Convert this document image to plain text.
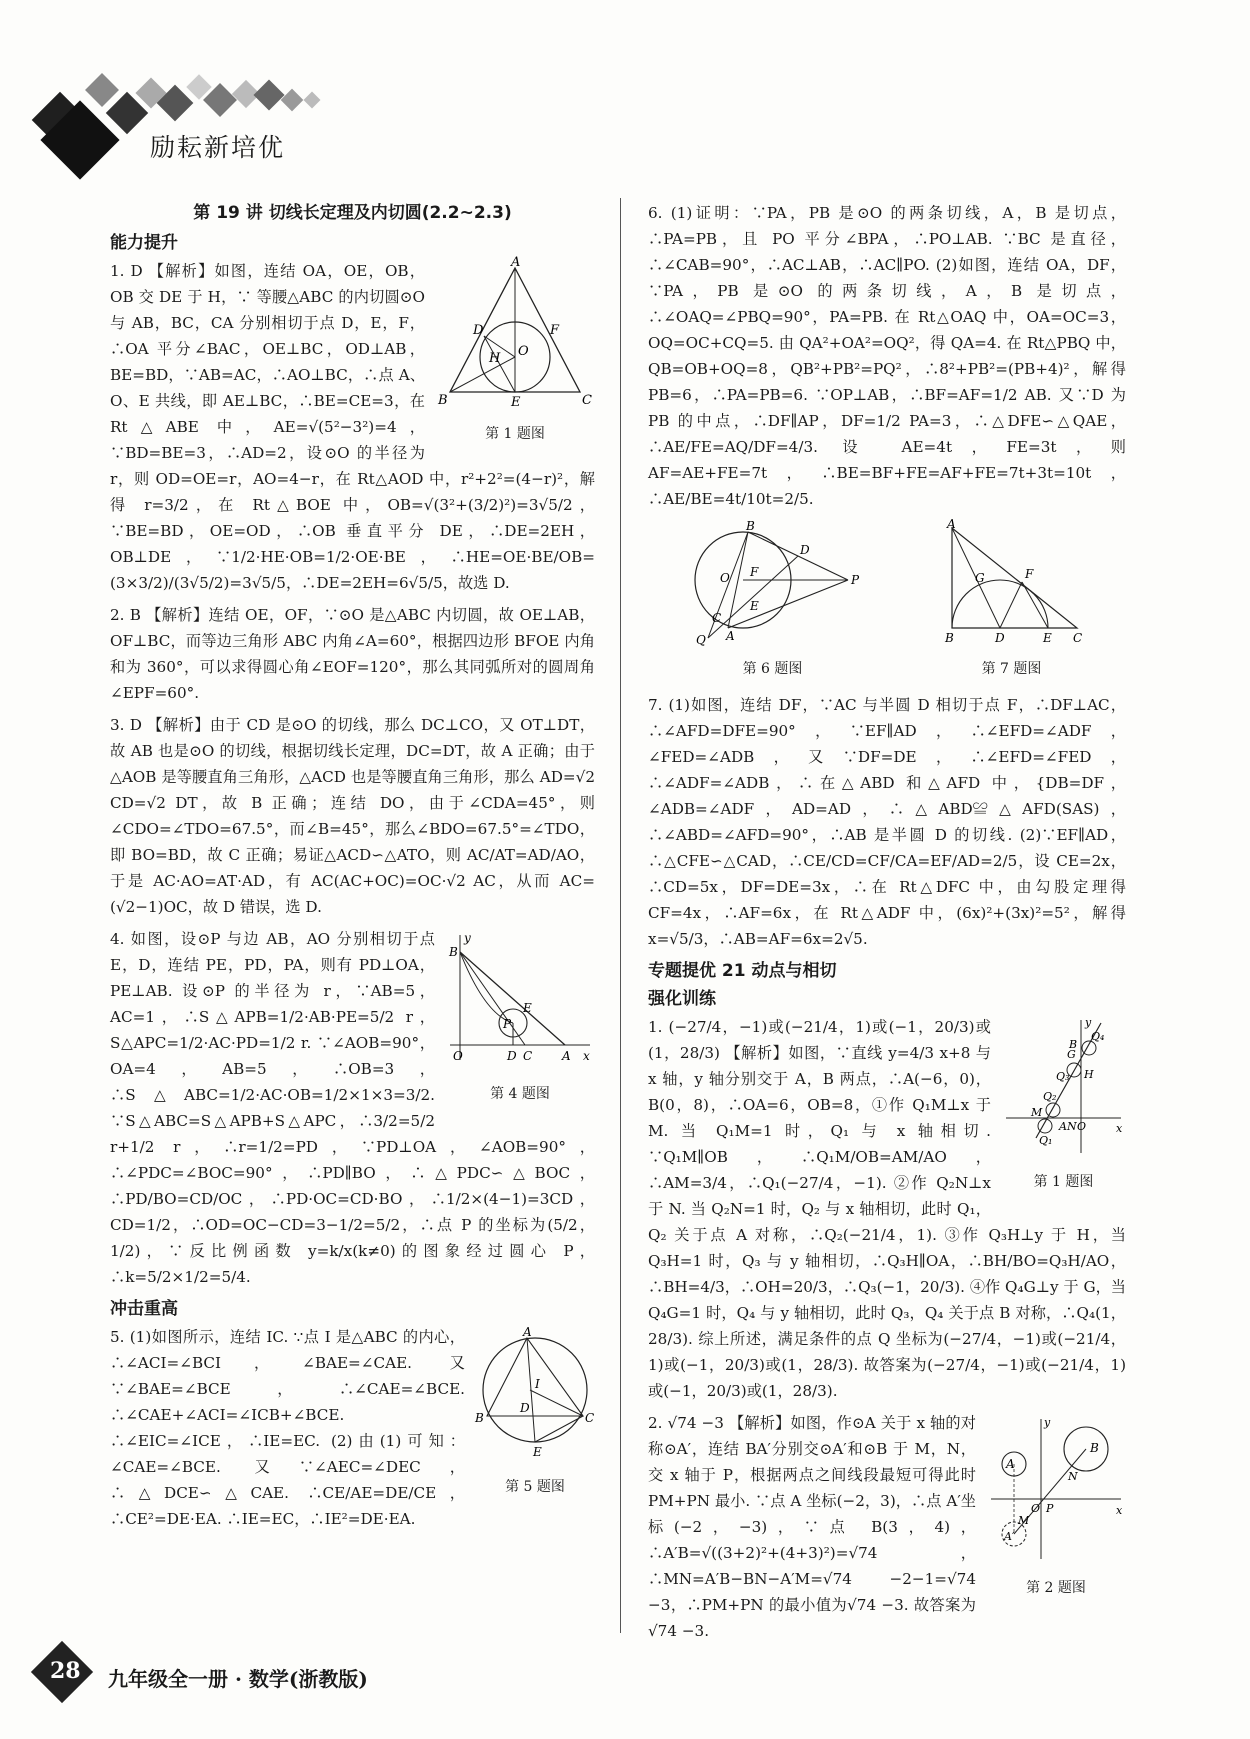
励耘新培优
第 19 讲 切线长定理及内切圆(2.2~2.3)
能力提升
A
B	C
D	F
E
O
H
第 1 题图

1. D 【解析】如图，连结 OA，OE，OB，OB 交 DE 于 H，∵ 等腰△ABC 的内切圆⊙O 与 AB，BC，CA 分别相切于点 D，E，F，∴OA 平分∠BAC，OE⊥BC，OD⊥AB，BE=BD，∵AB=AC，∴AO⊥BC，∴点 A、O、E 共线，即 AE⊥BC，∴BE=CE=3，在 Rt△ABE 中，AE=√(5²−3²)=4，∵BD=BE=3，∴AD=2，设⊙O 的半径为 r，则 OD=OE=r，AO=4−r，在 Rt△AOD 中，r²+2²=(4−r)²，解得 r=3/2，在 Rt△BOE 中，OB=√(3²+(3/2)²)=3√5/2，∵BE=BD，OE=OD，∴OB 垂直平分 DE，∴DE=2EH，OB⊥DE，∵1/2·HE·OB=1/2·OE·BE，∴HE=OE·BE/OB=(3×3/2)/(3√5/2)=3√5/5，∴DE=2EH=6√5/5，故选 D.

2. B 【解析】连结 OE，OF，∵⊙O 是△ABC 内切圆，故 OE⊥AB，OF⊥BC，而等边三角形 ABC 内角∠A=60°，根据四边形 BFOE 内角和为 360°，可以求得圆心角∠EOF=120°，那么其同弧所对的圆周角∠EPF=60°.

3. D 【解析】由于 CD 是⊙O 的切线，那么 DC⊥CO，又 OT⊥DT，故 AB 也是⊙O 的切线，根据切线长定理，DC=DT，故 A 正确；由于△AOB 是等腰直角三角形，△ACD 也是等腰直角三角形，那么 AD=√2 CD=√2 DT，故 B 正确；连结 DO，由于∠CDA=45°，则∠CDO=∠TDO=67.5°，而∠B=45°，那么∠BDO=67.5°=∠TDO，即 BO=BD，故 C 正确；易证△ACD∽△ATO，则 AC/AT=AD/AO，于是 AC·AO=AT·AD，有 AC(AC+OC)=OC·√2 AC，从而 AC=(√2−1)OC，故 D 错误，选 D.

B
y
O	D C A x
P
E
第 4 题图

4. 如图，设⊙P 与边 AB，AO 分别相切于点 E，D，连结 PE，PD，PA，则有 PD⊥OA，PE⊥AB. 设⊙P 的半径为 r，∵AB=5，AC=1，∴S△APB=1/2·AB·PE=5/2 r，S△APC=1/2·AC·PD=1/2 r. ∵∠AOB=90°，OA=4，AB=5，∴OB=3，∴S△ABC=1/2·AC·OB=1/2×1×3=3/2. ∵S△ABC=S△APB+S△APC，∴3/2=5/2 r+1/2 r，∴r=1/2=PD，∵PD⊥OA，∠AOB=90°，∴∠PDC=∠BOC=90°，∴PD∥BO，∴△PDC∽△BOC，∴PD/BO=CD/OC，∴PD·OC=CD·BO，∴1/2×(4−1)=3CD，CD=1/2，∴OD=OC−CD=3−1/2=5/2，∴点 P 的坐标为(5/2，1/2)，∵反比例函数 y=k/x(k≠0)的图象经过圆心 P，∴k=5/2×1/2=5/4.

冲击重高
A
B	C
D
E
I
第 5 题图

5. (1)如图所示，连结 IC. ∵点 I 是△ABC 的内心，∴∠ACI=∠BCI，∠BAE=∠CAE. 又∵∠BAE=∠BCE，∴∠CAE=∠BCE. ∴∠CAE+∠ACI=∠ICB+∠BCE. ∴∠EIC=∠ICE，∴IE=EC. (2)由(1)可知：∠CAE=∠BCE. 又∵∠AEC=∠DEC，∴△DCE∽△CAE. ∴CE/AE=DE/CE，∴CE²=DE·EA. ∴IE=EC，∴IE²=DE·EA.

6. (1)证明：∵PA，PB 是⊙O 的两条切线，A，B 是切点，∴PA=PB，且 PO 平分∠BPA，∴PO⊥AB. ∵BC 是直径，∴∠CAB=90°，∴AC⊥AB，∴AC∥PO. (2)如图，连结 OA，DF，∵PA，PB 是⊙O 的两条切线，A，B 是切点，∴∠OAQ=∠PBQ=90°，PA=PB. 在 Rt△OAQ 中，OA=OC=3，OQ=OC+CQ=5. 由 QA²+OA²=OQ²，得 QA=4. 在 Rt△PBQ 中，QB=OB+OQ=8，QB²+PB²=PQ²，∴8²+PB²=(PB+4)²，解得 PB=6，∴PA=PB=6. ∵OP⊥AB，∴BF=AF=1/2 AB. 又∵D 为 PB 的中点，∴DF∥AP，DF=1/2 PA=3，∴△DFE∽△QAE，∴AE/FE=AQ/DF=4/3. 设 AE=4t，FE=3t，则 AF=AE+FE=7t，∴BE=BF+FE=AF+FE=7t+3t=10t，∴AE/BE=4t/10t=2/5.

B
O	P
D
F
E
A
C
Q
第 6 题图
A
B	D	E C
F
G
第 7 题图

7. (1)如图，连结 DF，∵AC 与半圆 D 相切于点 F，∴DF⊥AC，∴∠AFD=DFE=90°，∵EF∥AD，∴∠EFD=∠ADF，∠FED=∠ADB，又∵DF=DE，∴∠EFD=∠FED，∴∠ADF=∠ADB，∴在△ABD 和△AFD 中，{DB=DF，∠ADB=∠ADF，AD=AD，∴△ABD≌△AFD(SAS)，∴∠ABD=∠AFD=90°，∴AB 是半圆 D 的切线. (2)∵EF∥AD，∴△CFE∽△CAD，∴CE/CD=CF/CA=EF/AD=2/5，设 CE=2x，∴CD=5x，DF=DE=3x，∴在 Rt△DFC 中，由勾股定理得 CF=4x，∴AF=6x，在 Rt△ADF 中，(6x)²+(3x)²=5²，解得 x=√5/3，∴AB=AF=6x=2√5.

专题提优 21 动点与相切
强化训练
y
x
Q₄
G
B
H
Q₃
Q₂
M
AN O
Q₁
第 1 题图

1. (−27/4，−1)或(−21/4，1)或(−1，20/3)或(1，28/3) 【解析】如图，∵直线 y=4/3 x+8 与 x 轴，y 轴分别交于 A，B 两点，∴A(−6，0)，B(0，8)，∴OA=6，OB=8，①作 Q₁M⊥x 于 M. 当 Q₁M=1 时，Q₁ 与 x 轴相切. ∵Q₁M∥OB，∴Q₁M/OB=AM/AO，∴AM=3/4，∴Q₁(−27/4，−1). ②作 Q₂N⊥x 于 N. 当 Q₂N=1 时，Q₂ 与 x 轴相切，此时 Q₁，Q₂ 关于点 A 对称，∴Q₂(−21/4，1). ③作 Q₃H⊥y 于 H，当 Q₃H=1 时，Q₃ 与 y 轴相切，∴Q₃H∥OA，∴BH/BO=Q₃H/AO，∴BH=4/3，∴OH=20/3，∴Q₃(−1，20/3). ④作 Q₄G⊥y 于 G，当 Q₄G=1 时，Q₄ 与 y 轴相切，此时 Q₃，Q₄ 关于点 B 对称，∴Q₄(1，28/3). 综上所述，满足条件的点 Q 坐标为(−27/4，−1)或(−21/4，1)或(−1，20/3)或(1，28/3). 故答案为(−27/4，−1)或(−21/4，1)或(−1，20/3)或(1，28/3).

y
x
B
A
N
O P
M
A′
第 2 题图

2. √74 −3 【解析】如图，作⊙A 关于 x 轴的对称⊙A′，连结 BA′分别交⊙A′和⊙B 于 M，N，交 x 轴于 P，根据两点之间线段最短可得此时 PM+PN 最小. ∵点 A 坐标(−2，3)，∴点 A′坐标(−2，−3)，∵点 B(3，4)，∴A′B=√((3+2)²+(4+3)²)=√74，∴MN=A′B−BN−A′M=√74 −2−1=√74 −3，∴PM+PN 的最小值为√74 −3. 故答案为√74 −3.

28	九年级全一册 · 数学(浙教版)
